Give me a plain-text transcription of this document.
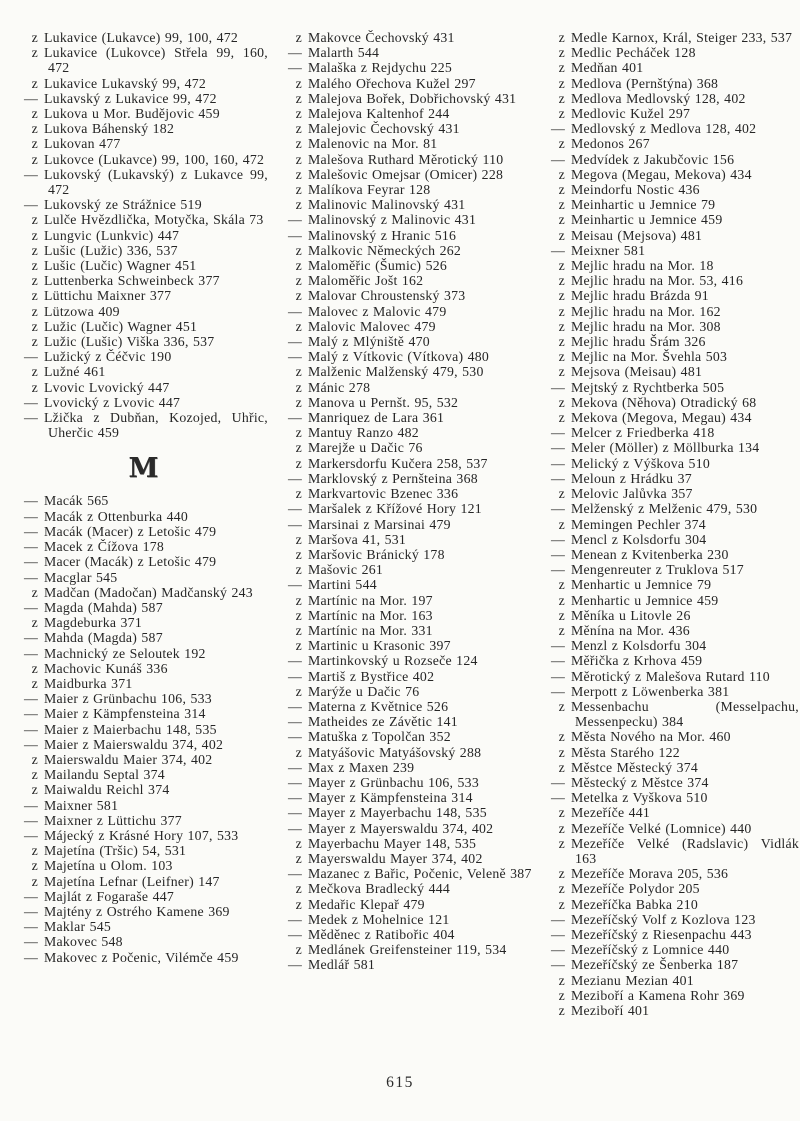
z Lukavice (Lukavce) 99, 100, 472
z Lukavice (Lukovce) Střela 99, 160, 472
z Lukavice Lukavský 99, 472
— Lukavský z Lukavice 99, 472
z Lukova u Mor. Budějovic 459
z Lukova Báhenský 182
z Lukovan 477
z Lukovce (Lukavce) 99, 100, 160, 472
— Lukovský (Lukavský) z Lukavce 99, 472
— Lukovský ze Strážnice 519
z Lulče Hvězdlička, Motyčka, Skála 73
z Lungvic (Lunkvic) 447
z Lušic (Lužic) 336, 537
z Lušic (Lučic) Wagner 451
z Luttenberka Schweinbeck 377
z Lüttichu Maixner 377
z Lützowa 409
z Lužic (Lučic) Wagner 451
z Lužic (Lušic) Viška 336, 537
— Lužický z Čéčvic 190
z Lužné 461
z Lvovic Lvovický 447
— Lvovický z Lvovic 447
— Lžička z Dubňan, Kozojed, Uhřic, Uherčic 459
M
— Macák 565
— Macák z Ottenburka 440
— Macák (Macer) z Letošic 479
— Macek z Čížova 178
— Macer (Macák) z Letošic 479
— Macglar 545
z Madčan (Madočan) Madčanský 243
— Magda (Mahda) 587
z Magdeburka 371
— Mahda (Magda) 587
— Machnický ze Seloutek 192
z Machovic Kunáš 336
z Maidburka 371
— Maier z Grünbachu 106, 533
— Maier z Kämpfensteina 314
— Maier z Maierbachu 148, 535
— Maier z Maierswaldu 374, 402
z Maierswaldu Maier 374, 402
z Mailandu Septal 374
z Maiwaldu Reichl 374
— Maixner 581
— Maixner z Lüttichu 377
— Májecký z Krásné Hory 107, 533
z Majetína (Tršic) 54, 531
z Majetína u Olom. 103
z Majetína Lefnar (Leifner) 147
— Majlát z Fogaraše 447
— Majtény z Ostrého Kamene 369
— Maklar 545
— Makovec 548
— Makovec z Počenic, Vilémče 459
z Makovce Čechovský 431
— Malarth 544
— Malaška z Rejdychu 225
z Malého Ořechova Kužel 297
z Malejova Bořek, Dobřichovský 431
z Malejova Kaltenhof 244
z Malejovic Čechovský 431
z Malenovic na Mor. 81
z Malešova Ruthard Měrotický 110
z Malešovic Omejsar (Omicer) 228
z Malíkova Feyrar 128
z Malinovic Malinovský 431
— Malinovský z Malinovic 431
— Malinovský z Hranic 516
z Malkovic Německých 262
z Maloměřic (Šumic) 526
z Maloměřic Jošt 162
z Malovar Chroustenský 373
— Malovec z Malovic 479
z Malovic Malovec 479
— Malý z Mlýniště 470
— Malý z Vítkovic (Vítkova) 480
z Malženic Malženský 479, 530
z Mánic 278
z Manova u Pernšt. 95, 532
— Manriquez de Lara 361
z Mantuy Ranzo 482
z Marejže u Dačic 76
z Markersdorfu Kučera 258, 537
— Marklovský z Pernšteina 368
z Markvartovic Bzenec 336
— Maršalek z Křížové Hory 121
— Marsinai z Marsinai 479
z Maršova 41, 531
z Maršovic Bránický 178
z Mašovic 261
— Martini 544
z Martínic na Mor. 197
z Martínic na Mor. 163
z Martínic na Mor. 331
z Martinic u Krasonic 397
— Martinkovský u Rozseče 124
— Martiš z Bystřice 402
z Marýže u Dačic 76
— Materna z Květnice 526
— Matheides ze Závětic 141
— Matuška z Topolčan 352
z Matyášovic Matyášovský 288
— Max z Maxen 239
— Mayer z Grünbachu 106, 533
— Mayer z Kämpfensteina 314
— Mayer z Mayerbachu 148, 535
— Mayer z Mayerswaldu 374, 402
z Mayerbachu Mayer 148, 535
z Mayerswaldu Mayer 374, 402
— Mazanec z Bařic, Počenic, Veleně 387
z Mečkova Bradlecký 444
z Medařic Klepař 479
— Medek z Mohelnice 121
— Měděnec z Ratibořic 404
z Medlánek Greifensteiner 119, 534
— Medlář 581
z Medle Karnox, Král, Steiger 233, 537
z Medlic Pecháček 128
z Medňan 401
z Medlova (Pernštýna) 368
z Medlova Medlovský 128, 402
z Medlovic Kužel 297
— Medlovský z Medlova 128, 402
z Medonos 267
— Medvídek z Jakubčovic 156
z Megova (Megau, Mekova) 434
z Meindorfu Nostic 436
z Meinhartic u Jemnice 79
z Meinhartic u Jemnice 459
z Meisau (Mejsova) 481
— Meixner 581
z Mejlic hradu na Mor. 18
z Mejlic hradu na Mor. 53, 416
z Mejlic hradu Brázda 91
z Mejlic hradu na Mor. 162
z Mejlic hradu na Mor. 308
z Mejlic hradu Šrám 326
z Mejlic na Mor. Švehla 503
z Mejsova (Meisau) 481
— Mejtský z Rychtberka 505
z Mekova (Něhova) Otradický 68
z Mekova (Megova, Megau) 434
— Melcer z Friedberka 418
— Meler (Möller) z Möllburka 134
— Melický z Výškova 510
— Meloun z Hrádku 37
z Melovic Jalůvka 357
— Melženský z Melženic 479, 530
z Memingen Pechler 374
— Mencl z Kolsdorfu 304
— Menean z Kvitenberka 230
— Mengenreuter z Truklova 517
z Menhartic u Jemnice 79
z Menhartic u Jemnice 459
z Měníka u Litovle 26
z Měnína na Mor. 436
— Menzl z Kolsdorfu 304
— Měřička z Krhova 459
— Měrotický z Malešova Rutard 110
— Merpott z Löwenberka 381
z Messenbachu (Messelpachu, Messenpecku) 384
z Města Nového na Mor. 460
z Města Starého 122
z Městce Městecký 374
— Městecký z Městce 374
— Metelka z Vyškova 510
z Mezeříče 441
z Mezeříče Velké (Lomnice) 440
z Mezeříče Velké (Radslavic) Vidlák 163
z Mezeříče Morava 205, 536
z Mezeříče Polydor 205
z Mezeříčka Babka 210
— Mezeříčský Volf z Kozlova 123
— Mezeříčský z Riesenpachu 443
— Mezeříčský z Lomnice 440
— Mezeříčský ze Šenberka 187
z Mezianu Mezian 401
z Meziboří a Kamena Rohr 369
z Meziboří 401
615
